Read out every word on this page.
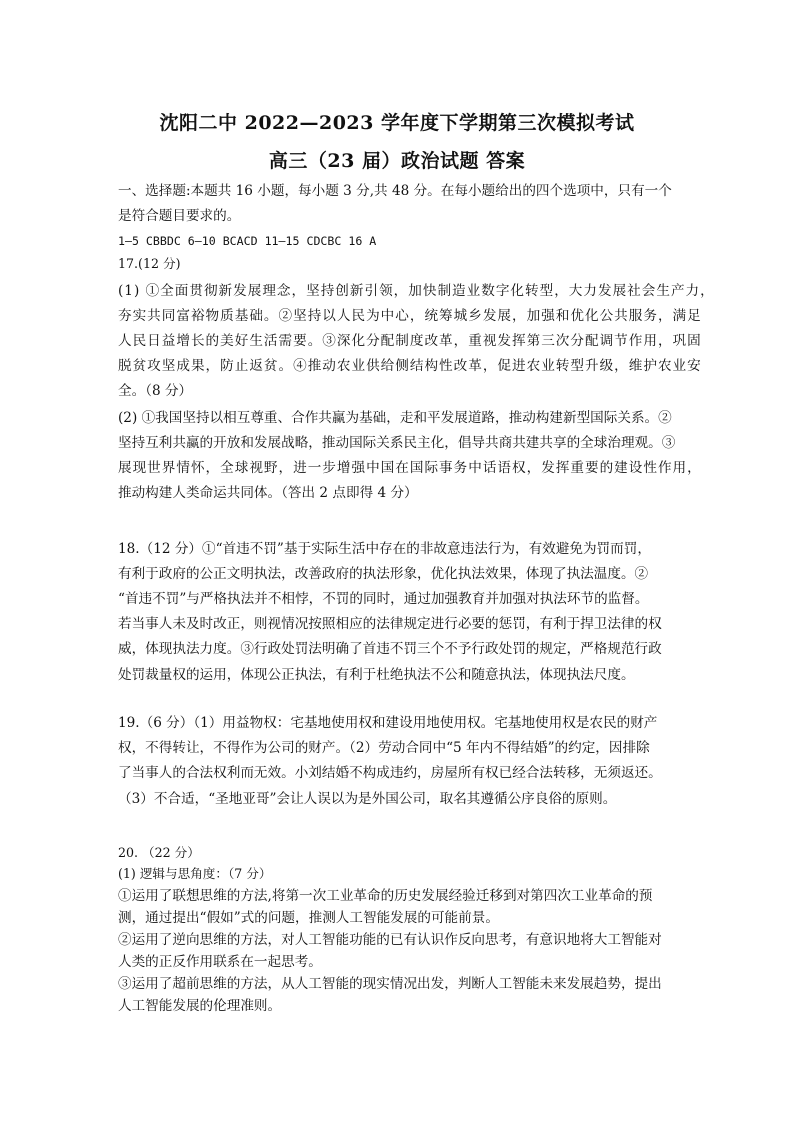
沈阳二中 2022—2023 学年度下学期第三次模拟考试
高三（23 届）政治试题 答案
一、选择题:本题共 16 小题，每小题 3 分,共 48 分。在每小题给出的四个选项中，只有一个
是符合题目要求的。
1—5 CBBDC 6—10 BCACD 11—15 CDCBC 16 A
17.(12 分)
(1) ①全面贯彻新发展理念，坚持创新引领，加快制造业数字化转型，大力发展社会生产力，
夯实共同富裕物质基础。②坚持以人民为中心，统筹城乡发展，加强和优化公共服务，满足
人民日益增长的美好生活需要。③深化分配制度改革，重视发挥第三次分配调节作用，巩固
脱贫攻坚成果，防止返贫。④推动农业供给侧结构性改革，促进农业转型升级，维护农业安
全。（8 分）
(2) ①我国坚持以相互尊重、合作共赢为基础，走和平发展道路，推动构建新型国际关系。②
坚持互利共赢的开放和发展战略，推动国际关系民主化，倡导共商共建共享的全球治理观。③
展现世界情怀，全球视野，进一步增强中国在国际事务中话语权，发挥重要的建设性作用，
推动构建人类命运共同体。（答出 2 点即得 4 分）
18.（12 分）①“首违不罚”基于实际生活中存在的非故意违法行为，有效避免为罚而罚，
有利于政府的公正文明执法，改善政府的执法形象，优化执法效果，体现了执法温度。②
“首违不罚”与严格执法并不相悖，不罚的同时，通过加强教育并加强对执法环节的监督。
若当事人未及时改正，则视情况按照相应的法律规定进行必要的惩罚，有利于捍卫法律的权
威，体现执法力度。③行政处罚法明确了首违不罚三个不予行政处罚的规定，严格规范行政
处罚裁量权的运用，体现公正执法，有利于杜绝执法不公和随意执法，体现执法尺度。
19.（6 分）（1）用益物权：宅基地使用权和建设用地使用权。宅基地使用权是农民的财产
权，不得转让，不得作为公司的财产。（2）劳动合同中“5 年内不得结婚”的约定，因排除
了当事人的合法权利而无效。小刘结婚不构成违约，房屋所有权已经合法转移，无须返还。
（3）不合适，“圣地亚哥”会让人误以为是外国公司，取名其遵循公序良俗的原则。
20. （22 分）
(1) 逻辑与思角度：（7 分）
①运用了联想思维的方法,将第一次工业革命的历史发展经验迁移到对第四次工业革命的预
测，通过提出“假如”式的问题，推测人工智能发展的可能前景。
②运用了逆向思维的方法，对人工智能功能的已有认识作反向思考，有意识地将大工智能对
人类的正反作用联系在一起思考。
③运用了超前思维的方法，从人工智能的现实情况出发，判断人工智能未来发展趋势，提出
人工智能发展的伦理准则。
